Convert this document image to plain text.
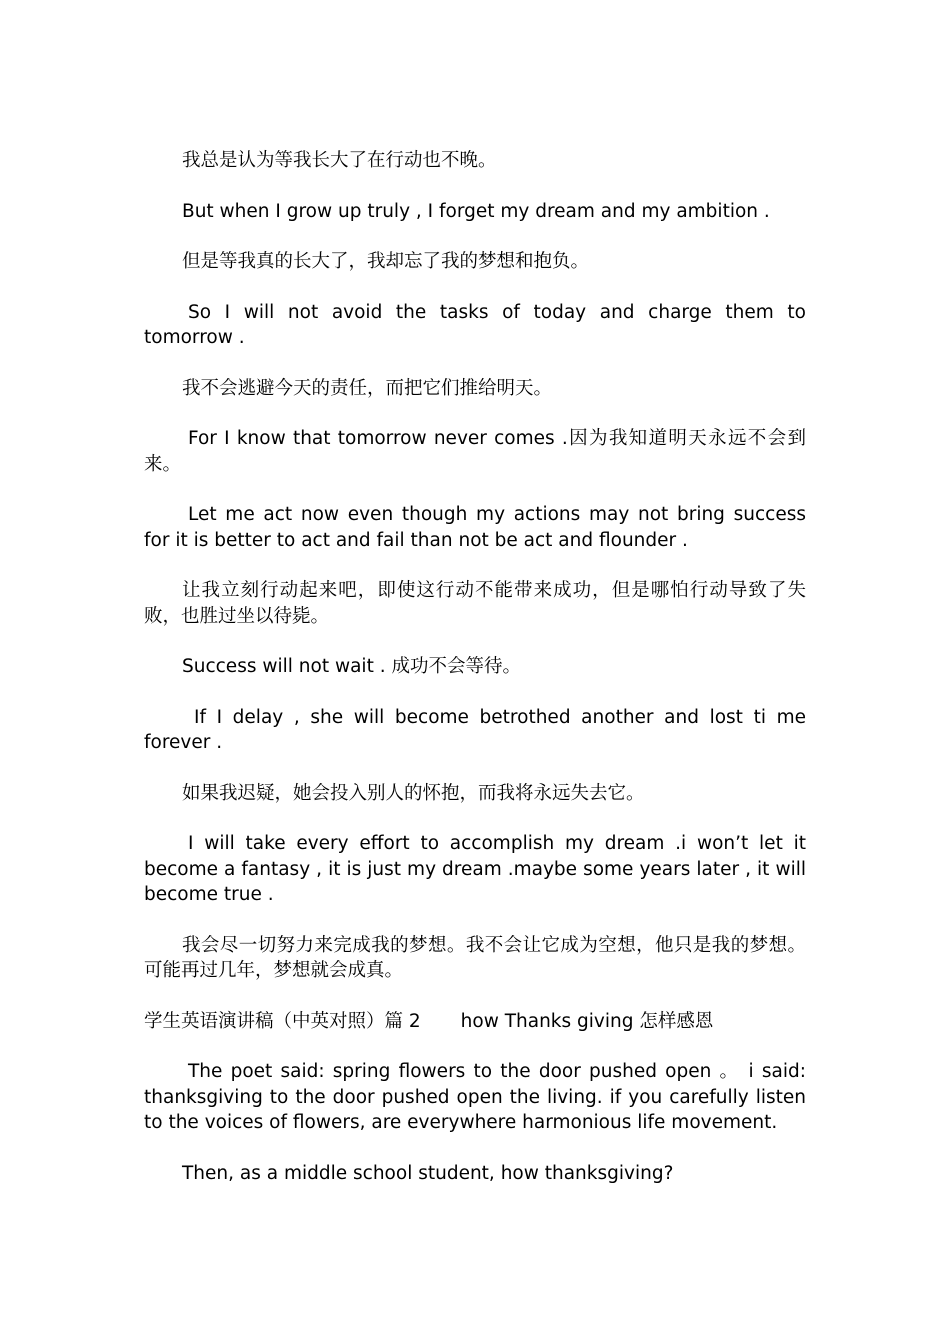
我总是认为等我长大了在行动也不晚。

But when I grow up truly , I forget my dream and my ambition .

但是等我真的长大了，我却忘了我的梦想和抱负。

So I will not avoid the tasks of today and charge them to tomorrow .

我不会逃避今天的责任，而把它们推给明天。

For I know that tomorrow never comes .因为我知道明天永远不会到来。

Let me act now even though my actions may not bring success for it is better to act and fail than not be act and flounder .

让我立刻行动起来吧，即使这行动不能带来成功，但是哪怕行动导致了失败，也胜过坐以待毙。

Success will not wait . 成功不会等待。

If I delay , she will become betrothed another and lost ti me forever .

如果我迟疑，她会投入别人的怀抱，而我将永远失去它。

I will take every effort to accomplish my dream .i won’t let it become a fantasy , it is just my dream .maybe some years later , it will become true .

我会尽一切努力来完成我的梦想。我不会让它成为空想，他只是我的梦想。可能再过几年，梦想就会成真。

学生英语演讲稿（中英对照）篇 2 how Thanks giving 怎样感恩

The poet said: spring flowers to the door pushed open 。 i said: thanksgiving to the door pushed open the living. if you carefully listen to the voices of flowers, are everywhere harmonious life movement.

Then, as a middle school student, how thanksgiving?
